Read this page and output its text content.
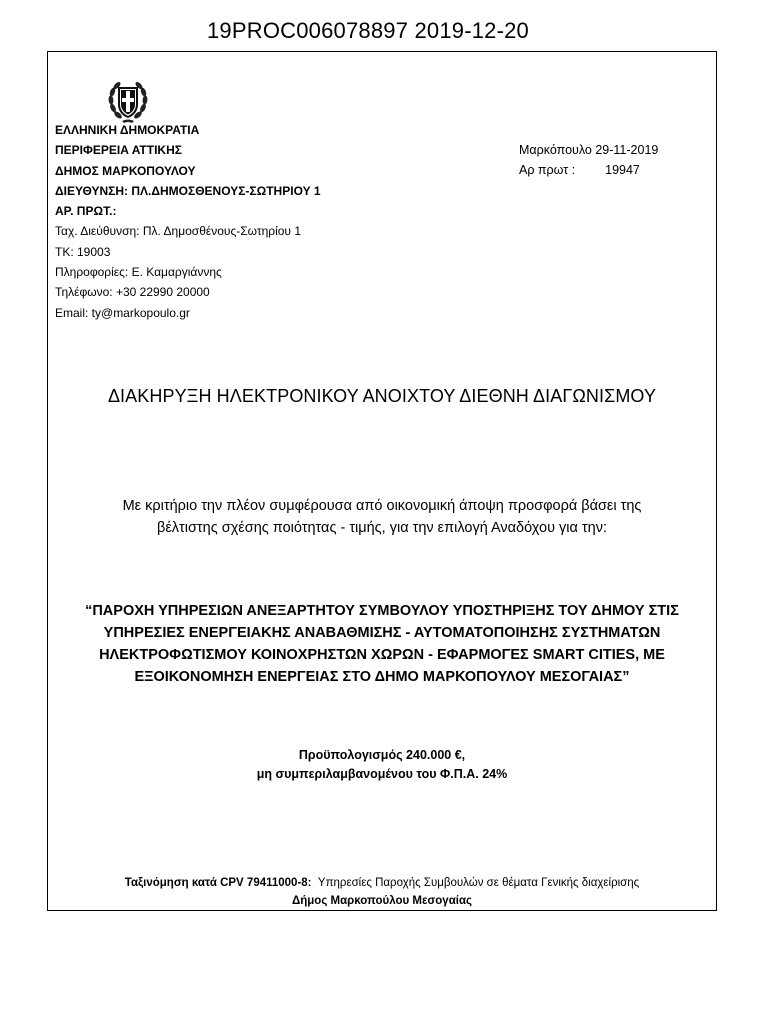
19PROC006078897 2019-12-20
ΕΛΛΗΝΙΚΗ ΔΗΜΟΚΡΑΤΙΑ
ΠΕΡΙΦΕΡΕΙΑ ΑΤΤΙΚΗΣ
ΔΗΜΟΣ ΜΑΡΚΟΠΟΥΛΟΥ
ΔΙΕΥΘΥΝΣΗ: ΠΛ.ΔΗΜΟΣΘΕΝΟΥΣ-ΣΩΤΗΡΙΟΥ 1
ΑΡ. ΠΡΩΤ.:
Ταχ. Διεύθυνση: Πλ. Δημοσθένους-Σωτηρίου 1
ΤΚ: 19003
Πληροφορίες: Ε. Καμαργιάννης
Τηλέφωνο: +30 22990 20000
Email: ty@markopoulo.gr
Μαρκόπουλο 29-11-2019
Αρ πρωτ : 19947
ΔΙΑΚΗΡΥΞΗ ΗΛΕΚΤΡΟΝΙΚΟΥ ΑΝΟΙΧΤΟΥ ΔΙΕΘΝΗ ΔΙΑΓΩΝΙΣΜΟΥ
Με κριτήριο την πλέον συμφέρουσα από οικονομική άποψη προσφορά βάσει της
βέλτιστης σχέσης ποιότητας - τιμής, για την επιλογή Αναδόχου για την:
“ΠΑΡΟΧΗ ΥΠΗΡΕΣΙΩΝ ΑΝΕΞΑΡΤΗΤΟΥ ΣΥΜΒΟΥΛΟΥ ΥΠΟΣΤΗΡΙΞΗΣ ΤΟΥ ΔΗΜΟΥ ΣΤΙΣ
ΥΠΗΡΕΣΙΕΣ ΕΝΕΡΓΕΙΑΚΗΣ ΑΝΑΒΑΘΜΙΣΗΣ - ΑΥΤΟΜΑΤΟΠΟΙΗΣΗΣ ΣΥΣΤΗΜΑΤΩΝ
ΗΛΕΚΤΡΟΦΩΤΙΣΜΟΥ ΚΟΙΝΟΧΡΗΣΤΩΝ ΧΩΡΩΝ - ΕΦΑΡΜΟΓΕΣ SMART CITIES, ΜΕ
ΕΞΟΙΚΟΝΟΜΗΣΗ ΕΝΕΡΓΕΙΑΣ ΣΤΟ ΔΗΜΟ ΜΑΡΚΟΠΟΥΛΟΥ ΜΕΣΟΓΑΙΑΣ”
Προϋπολογισμός 240.000 €,
μη συμπεριλαμβανομένου του Φ.Π.Α. 24%
Ταξινόμηση κατά CPV 79411000-8: Υπηρεσίες Παροχής Συμβουλών σε θέματα Γενικής διαχείρισης
Δήμος Μαρκοπούλου Μεσογαίας
